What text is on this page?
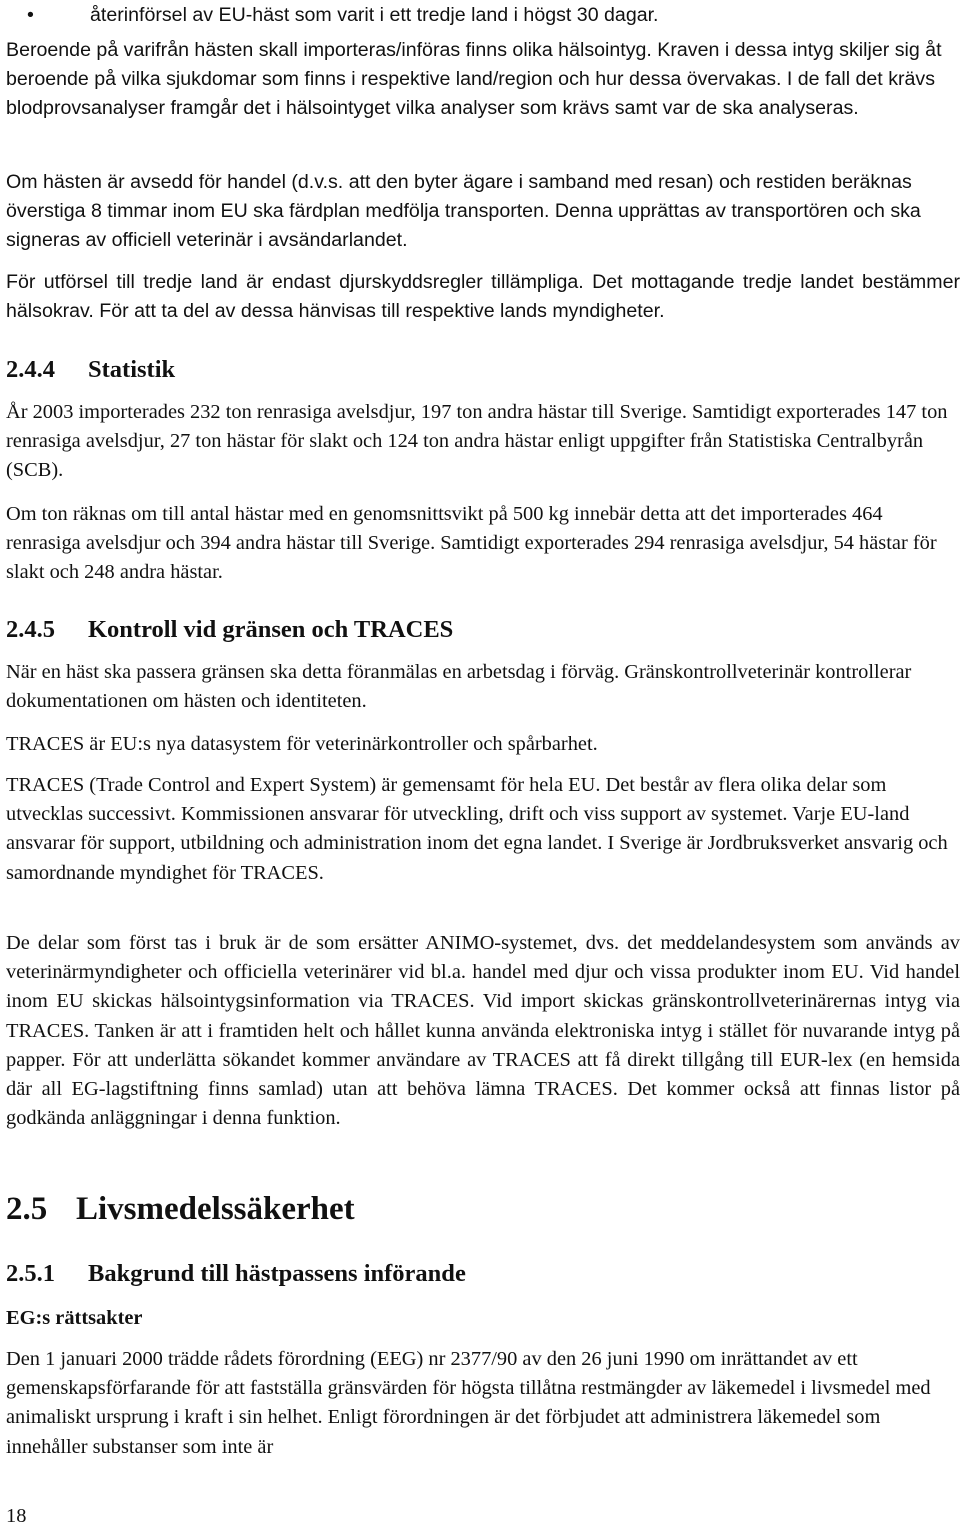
•	återinförsel av EU-häst som varit i ett tredje land i högst 30 dagar.

Beroende på varifrån hästen skall importeras/införas finns olika hälsointyg. Kraven i dessa intyg skiljer sig åt beroende på vilka sjukdomar som finns i respektive land/region och hur dessa övervakas. I de fall det krävs blodprovsanalyser framgår det i hälsointyget vilka analyser som krävs samt var de ska analyseras.

Om hästen är avsedd för handel (d.v.s. att den byter ägare i samband med resan) och restiden beräknas överstiga 8 timmar inom EU ska färdplan medfölja transporten. Denna upprättas av transportören och ska signeras av officiell veterinär i avsändarlandet.

För utförsel till tredje land är endast djurskyddsregler tillämpliga. Det mottagande tredje landet bestämmer hälsokrav. För att ta del av dessa hänvisas till respektive lands myndigheter.

2.4.4 Statistik

År 2003 importerades 232 ton renrasiga avelsdjur, 197 ton andra hästar till Sverige. Samtidigt exporterades 147 ton renrasiga avelsdjur, 27 ton hästar för slakt och 124 ton andra hästar enligt uppgifter från Statistiska Centralbyrån (SCB).

Om ton räknas om till antal hästar med en genomsnittsvikt på 500 kg innebär detta att det importerades 464 renrasiga avelsdjur och 394 andra hästar till Sverige. Samtidigt exporterades 294 renrasiga avelsdjur, 54 hästar för slakt och 248 andra hästar.

2.4.5 Kontroll vid gränsen och TRACES

När en häst ska passera gränsen ska detta föranmälas en arbetsdag i förväg. Gränskontrollveterinär kontrollerar dokumentationen om hästen och identiteten.

TRACES är EU:s nya datasystem för veterinärkontroller och spårbarhet.

TRACES (Trade Control and Expert System) är gemensamt för hela EU. Det består av flera olika delar som utvecklas successivt. Kommissionen ansvarar för utveckling, drift och viss support av systemet. Varje EU-land ansvarar för support, utbildning och administration inom det egna landet. I Sverige är Jordbruksverket ansvarig och samordnande myndighet för TRACES.

De delar som först tas i bruk är de som ersätter ANIMO-systemet, dvs. det meddelandesystem som används av veterinärmyndigheter och officiella veterinärer vid bl.a. handel med djur och vissa produkter inom EU. Vid handel inom EU skickas hälsointygsinformation via TRACES. Vid import skickas gränskontrollveterinärernas intyg via TRACES. Tanken är att i framtiden helt och hållet kunna använda elektroniska intyg i stället för nuvarande intyg på papper. För att underlätta sökandet kommer användare av TRACES att få direkt tillgång till EUR-lex (en hemsida där all EG-lagstiftning finns samlad) utan att behöva lämna TRACES. Det kommer också att finnas listor på godkända anläggningar i denna funktion.

2.5 Livsmedelssäkerhet
2.5.1 Bakgrund till hästpassens införande
EG:s rättsakter

Den 1 januari 2000 trädde rådets förordning (EEG) nr 2377/90 av den 26 juni 1990 om inrättandet av ett gemenskapsförfarande för att fastställa gränsvärden för högsta tillåtna restmängder av läkemedel i livsmedel med animaliskt ursprung i kraft i sin helhet. Enligt förordningen är det förbjudet att administrera läkemedel som innehåller substanser som inte är

18
